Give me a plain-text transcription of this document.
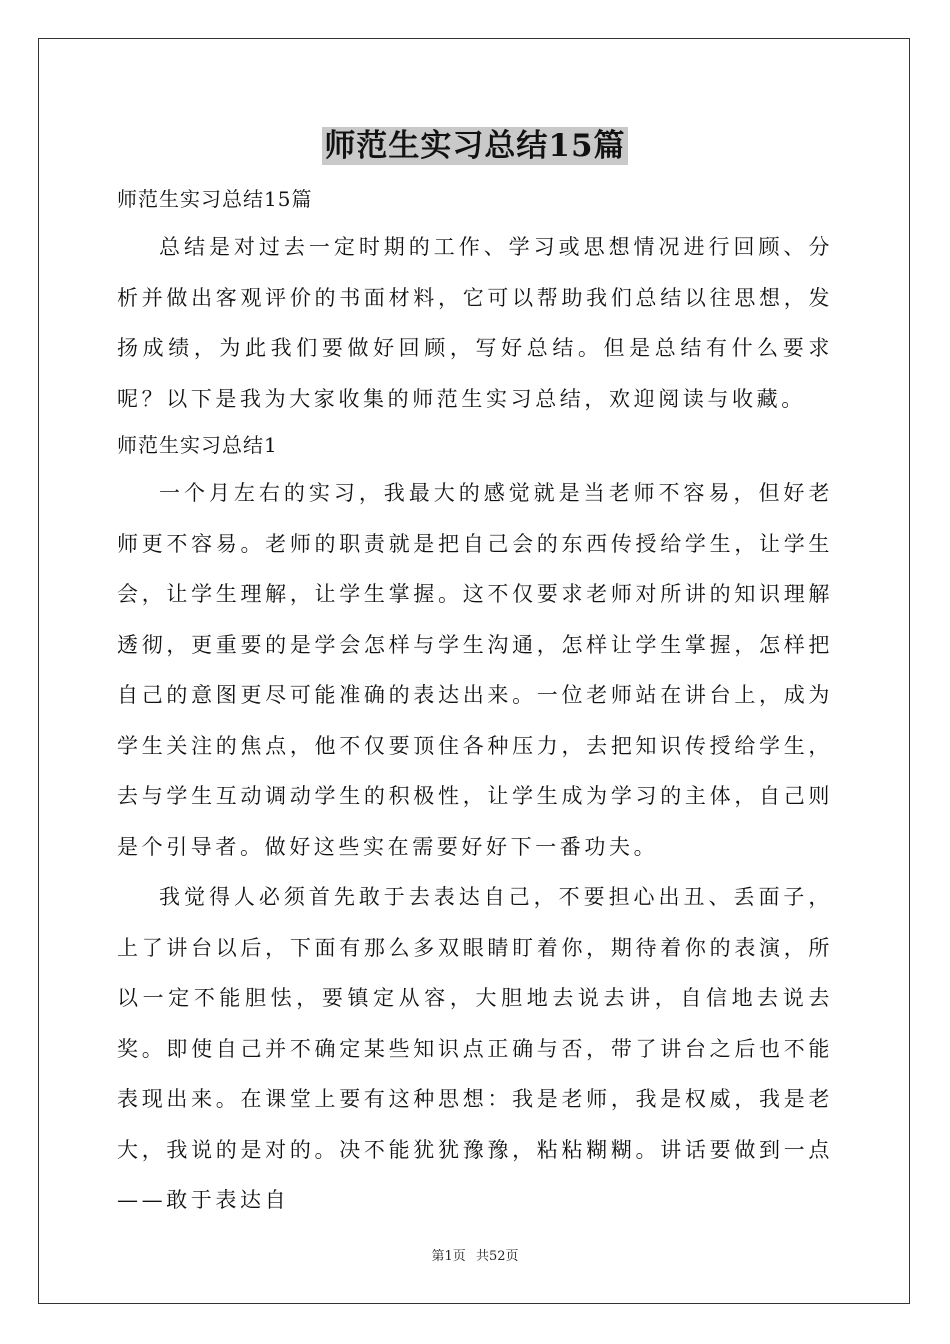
师范生实习总结15篇

师范生实习总结15篇

总结是对过去一定时期的工作、学习或思想情况进行回顾、分析并做出客观评价的书面材料，它可以帮助我们总结以往思想，发扬成绩，为此我们要做好回顾，写好总结。但是总结有什么要求呢？以下是我为大家收集的师范生实习总结，欢迎阅读与收藏。

师范生实习总结1

一个月左右的实习，我最大的感觉就是当老师不容易，但好老师更不容易。老师的职责就是把自己会的东西传授给学生，让学生会，让学生理解，让学生掌握。这不仅要求老师对所讲的知识理解透彻，更重要的是学会怎样与学生沟通，怎样让学生掌握，怎样把自己的意图更尽可能准确的表达出来。一位老师站在讲台上，成为学生关注的焦点，他不仅要顶住各种压力，去把知识传授给学生，去与学生互动调动学生的积极性，让学生成为学习的主体，自己则是个引导者。做好这些实在需要好好下一番功夫。

我觉得人必须首先敢于去表达自己，不要担心出丑、丢面子，上了讲台以后，下面有那么多双眼睛盯着你，期待着你的表演，所以一定不能胆怯，要镇定从容，大胆地去说去讲，自信地去说去奖。即使自己并不确定某些知识点正确与否，带了讲台之后也不能表现出来。在课堂上要有这种思想：我是老师，我是权威，我是老大，我说的是对的。决不能犹犹豫豫，粘粘糊糊。讲话要做到一点——敢于表达自

第1页 共52页
